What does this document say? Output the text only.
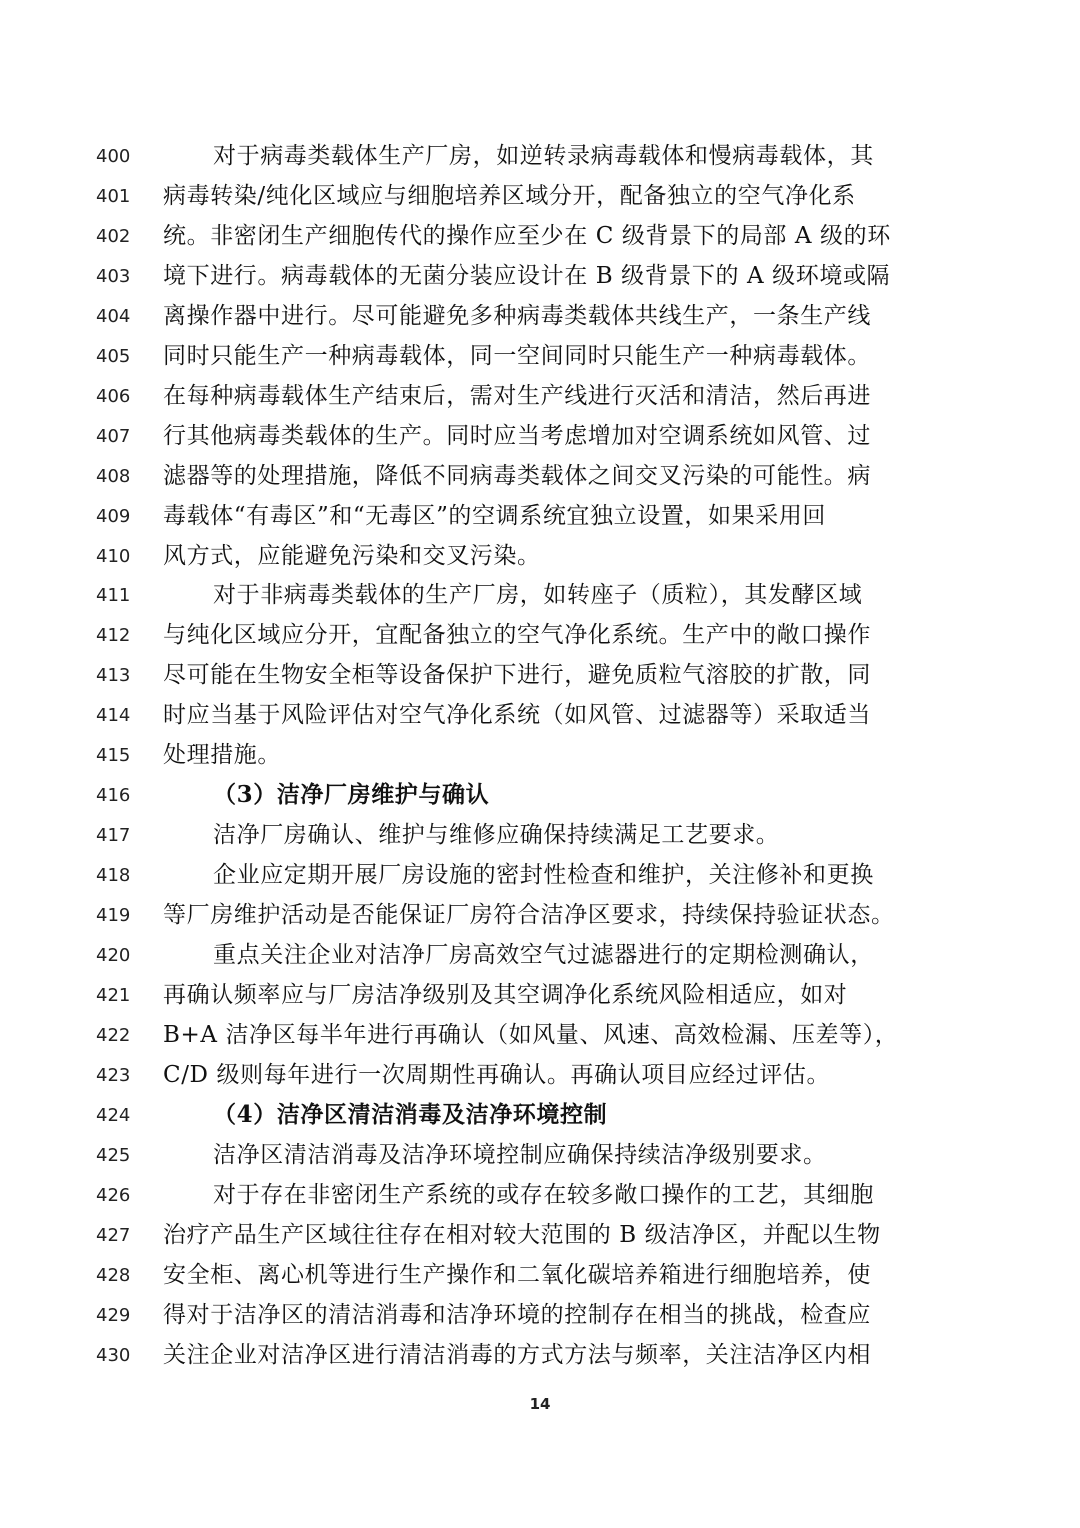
400	对于病毒类载体生产厂房，如逆转录病毒载体和慢病毒载体，其
401 病毒转染/纯化区域应与细胞培养区域分开，配备独立的空气净化系
402 统。非密闭生产细胞传代的操作应至少在 C 级背景下的局部 A 级的环
403 境下进行。病毒载体的无菌分装应设计在 B 级背景下的 A 级环境或隔
404 离操作器中进行。尽可能避免多种病毒类载体共线生产，一条生产线
405 同时只能生产一种病毒载体，同一空间同时只能生产一种病毒载体。
406 在每种病毒载体生产结束后，需对生产线进行灭活和清洁，然后再进
407 行其他病毒类载体的生产。同时应当考虑增加对空调系统如风管、过
408 滤器等的处理措施，降低不同病毒类载体之间交叉污染的可能性。病
409 毒载体“有毒区”和“无毒区”的空调系统宜独立设置，如果采用回
410 风方式，应能避免污染和交叉污染。
411	对于非病毒类载体的生产厂房，如转座子（质粒），其发酵区域
412 与纯化区域应分开，宜配备独立的空气净化系统。生产中的敞口操作
413 尽可能在生物安全柜等设备保护下进行，避免质粒气溶胶的扩散，同
414 时应当基于风险评估对空气净化系统（如风管、过滤器等）采取适当
415 处理措施。
416	（3）洁净厂房维护与确认
417	洁净厂房确认、维护与维修应确保持续满足工艺要求。
418	企业应定期开展厂房设施的密封性检查和维护，关注修补和更换
419 等厂房维护活动是否能保证厂房符合洁净区要求，持续保持验证状态。
420	重点关注企业对洁净厂房高效空气过滤器进行的定期检测确认，
421 再确认频率应与厂房洁净级别及其空调净化系统风险相适应，如对
422 B+A 洁净区每半年进行再确认（如风量、风速、高效检漏、压差等），
423 C/D 级则每年进行一次周期性再确认。再确认项目应经过评估。
424	（4）洁净区清洁消毒及洁净环境控制
425	洁净区清洁消毒及洁净环境控制应确保持续洁净级别要求。
426	对于存在非密闭生产系统的或存在较多敞口操作的工艺，其细胞
427 治疗产品生产区域往往存在相对较大范围的 B 级洁净区，并配以生物
428 安全柜、离心机等进行生产操作和二氧化碳培养箱进行细胞培养，使
429 得对于洁净区的清洁消毒和洁净环境的控制存在相当的挑战，检查应
430 关注企业对洁净区进行清洁消毒的方式方法与频率，关注洁净区内相
14
